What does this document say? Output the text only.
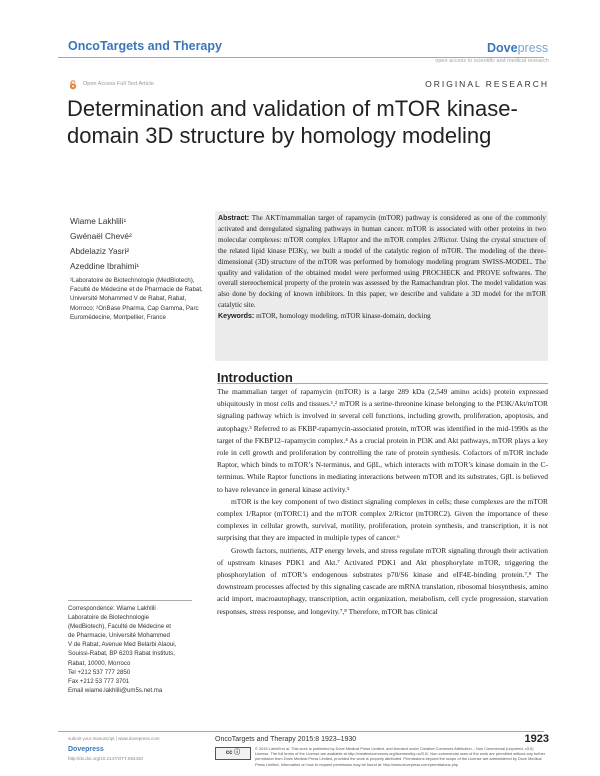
OncoTargets and Therapy	Dovepress
open access to scientific and medical research
Open Access Full Text Article	ORIGINAL RESEARCH
Determination and validation of mTOR kinase-domain 3D structure by homology modeling
Wiame Lakhlili¹
Gwénaël Chevé²
Abdelaziz Yasri²
Azeddine Ibrahimi¹
¹Laboratoire de Biotechnologie (MedBiotech), Faculté de Médecine et de Pharmacie de Rabat, Université Mohammed V de Rabat, Rabat, Morroco; ²OriBase Pharma, Cap Gamma, Parc Euromédecine, Montpellier, France
Abstract: The AKT/mammalian target of rapamycin (mTOR) pathway is considered as one of the commonly activated and deregulated signaling pathways in human cancer. mTOR is associated with other proteins in two molecular complexes: mTOR complex 1/Raptor and the mTOR complex 2/Rictor. Using the crystal structure of the related lipid kinase PI3Kγ, we built a model of the catalytic region of mTOR. The modeling of the three-dimensional (3D) structure of the mTOR was performed by homology modeling program SWISS-MODEL. The quality and validation of the obtained model were performed using PROCHECK and PROVE softwares. The overall stereochemical property of the protein was assessed by the Ramachandran plot. The model validation was also done by docking of known inhibitors. In this paper, we describe and validate a 3D model for the mTOR catalytic site.
Keywords: mTOR, homology modeling, mTOR kinase-domain, docking
Introduction

The mammalian target of rapamycin (mTOR) is a large 289 kDa (2,549 amino acids) protein expressed ubiquitously in most cells and tissues.¹,² mTOR is a serine-threonine kinase belonging to the PI3K/Akt/mTOR signaling pathway which is involved in several cell functions, including growth, proliferation, apoptosis, and autophagy.³ Referred to as FKBP-rapamycin-associated protein, mTOR was identified in the mid-1990s as the target of the FKBP12–rapamycin complex.⁴ As a crucial protein in PI3K and Akt pathways, mTOR plays a key role in cell growth and proliferation by controlling the rate of protein synthesis. Cofactors of mTOR include Raptor, which binds to mTOR’s N-terminus, and GβL, which interacts with mTOR’s kinase domain in the C-terminus. While Raptor functions in mediating interactions between mTOR and its substrates, GβL is believed to have relevance in general kinase activity.⁵

mTOR is the key component of two distinct signaling complexes in cells; these complexes are the mTOR complex 1/Raptor (mTORC1) and the mTOR complex 2/Rictor (mTORC2). Given the importance of these complexes in cellular growth, survival, motility, proliferation, protein synthesis, and transcription, it is not surprising that they are impacted in multiple types of cancer.⁶

Growth factors, nutrients, ATP energy levels, and stress regulate mTOR signaling through their activation of upstream kinases PDK1 and Akt.⁷ Activated PDK1 and Akt phosphorylate mTOR, triggering the phosphorylation of mTOR’s endogenous substrates p70/S6 kinase and eIF4E-binding protein.⁷,⁸ The downstream processes affected by this signaling cascade are mRNA translation, ribosomal biosynthesis, amino acid import, macroautophagy, transcription, actin organization, metabolism, cell cycle progression, starvation responses, stress response, and longevity.⁷,⁸ Therefore, mTOR has clinical

Correspondence: Wiame Lakhlili
Laboratoire de Biotechnologie
(MedBiotech), Faculté de Médecine et
de Pharmacie, Université Mohammed
V de Rabat, Avenue Med Belarbi Alaoui,
Souissi-Rabat, BP 6203 Rabat Instituts,
Rabat, 10000, Morroco
Tel +212 537 777 2850
Fax +212 53 777 3701
Email wiame.lakhlili@um5s.net.ma
submit your manuscript | www.dovepress.com
Dovepress
http://dx.doi.org/10.2147/OTT.S84420
OncoTargets and Therapy 2015:8 1923–1930	1923
cc ⓘ
© 2015 Lakhlili et al. This work is published by Dove Medical Press Limited, and licensed under Creative Commons Attribution – Non Commercial (unported, v3.0) License. The full terms of the License are available at http://creativecommons.org/licenses/by-nc/3.0/. Non-commercial uses of the work are permitted without any further permission from Dove Medical Press Limited, provided the work is properly attributed. Permissions beyond the scope of the License are administered by Dove Medical Press Limited. Information on how to request permission may be found at: http://www.dovepress.com/permissions.php
